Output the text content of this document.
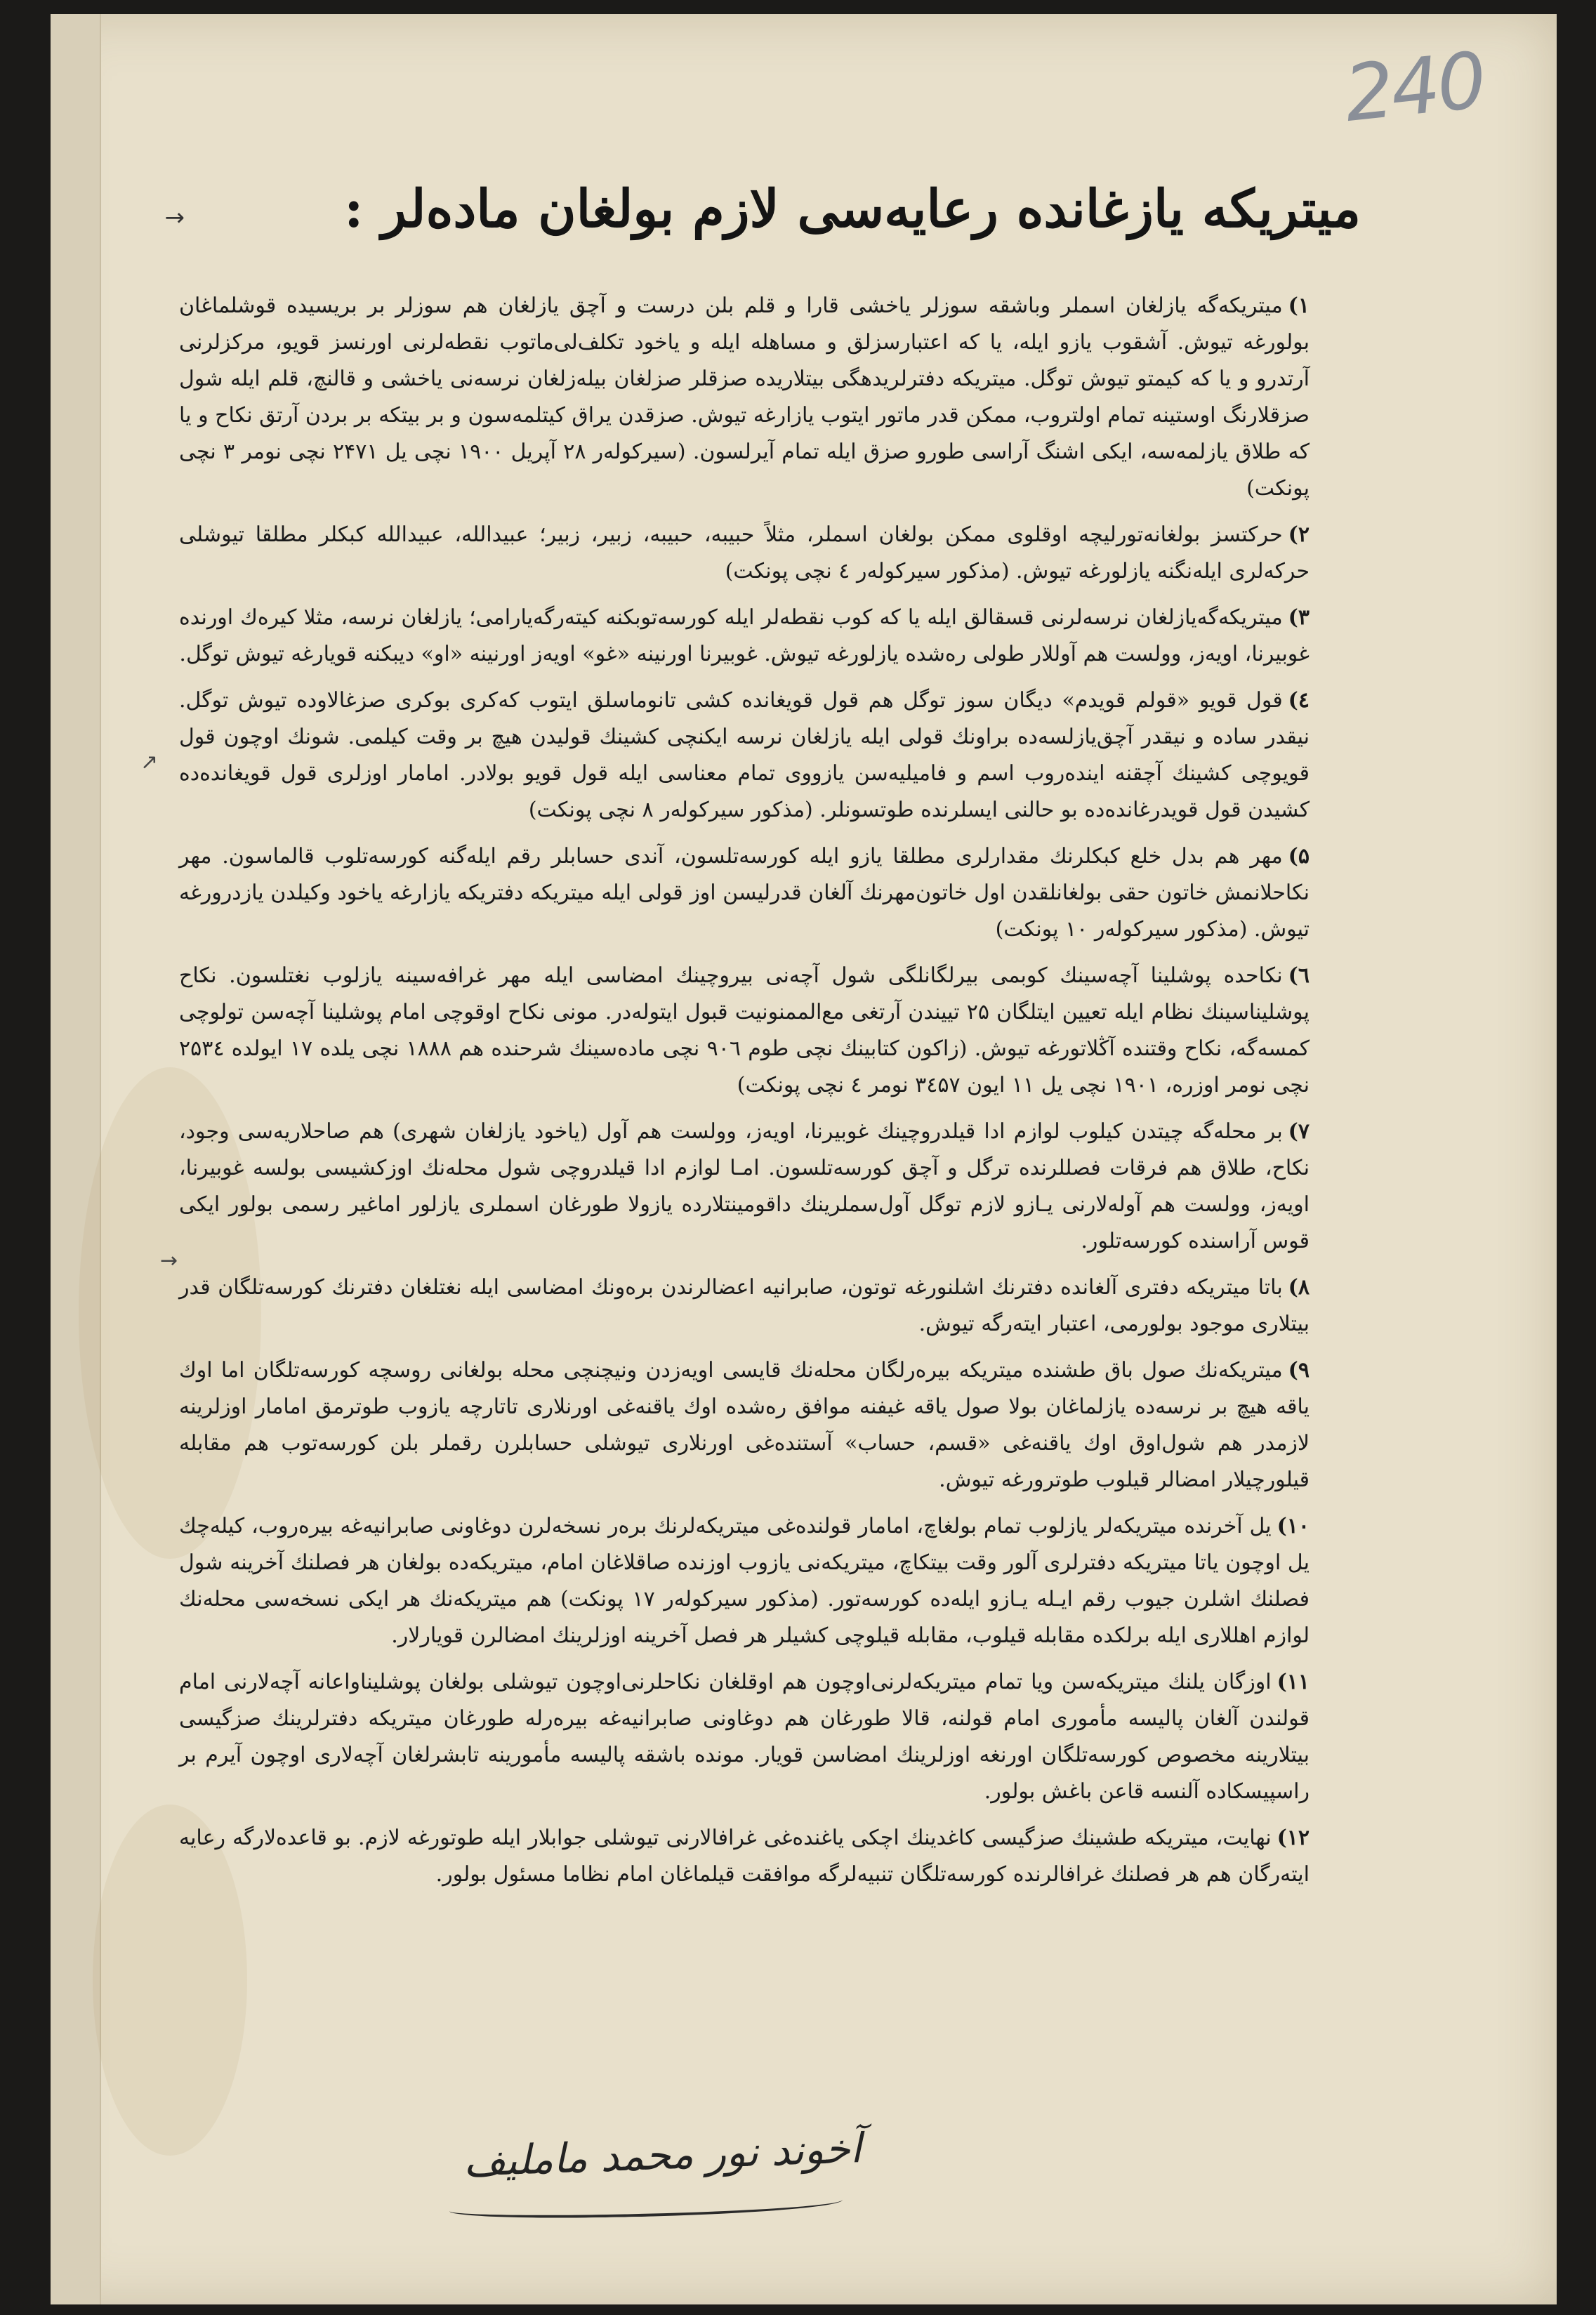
240
→	میتریکه یازغانده رعایه‌سی لازم بولغان ماده‌لر :
↗
→

۱)میتریکه‌گه یازلغان اسملر وباشقه سوزلر یاخشی قارا و قلم بلن درست و آچق یازلغان هم سوزلر بر بریسیده قوشلماغان بولورغه تیوش. آشقوب یازو ایله، یا که اعتبارسزلق و مساهله ایله و یاخود تکلف‌لی‌ماتوب نقطه‌لرنی اورنسز قویو، مرکزلرنی آرتدرو و یا که کیمتو تیوش توگل. میتریکه دفترلریدهگی بیتلاریده صزقلر صزلغان بیلەزلغان نرسه‌نی یاخشی و قالنچ، قلم ایله شول صزقلارنگ اوستینه تمام اولتروب، ممکن قدر ماتور ایتوب یازارغه تیوش. صزقدن یراق کیتلمەسون و بر بیتکه بر بردن آرتق نکاح و یا که طلاق یازلمەسه، ایکی اشنگ آراسی طورو صزق ایله تمام آیرلسون. (سیرکولەر ۲۸ آپریل ۱۹۰۰ نچی یل ۲۴۷۱ نچی نومر ۳ نچی پونکت)

۲)حرکتسز بولغانه‌تورلیچه اوقلوی ممکن بولغان اسملر، مثلاً حبیبه، حبیبه، زبیر، زبیر؛ عبیدالله، عبیدالله کبکلر مطلقا تیوشلی حرکه‌لری ایله‌نگنه یازلورغه تیوش. (مذکور سیرکولەر ٤ نچی پونکت)

۳)میتریکه‌گه‌یازلغان نرسه‌لرنی قسقالق ایله یا که کوب نقطه‌لر ایله کورسه‌توبکنه کیته‌رگه‌یارامی؛ یازلغان نرسه، مثلا کیره‌ك اورنده غوبیرنا، اویەز، وولست هم آوللار طولی ره‌شده یازلورغه تیوش. غوبیرنا اورنینه «غو» اویەز اورنینه «او» دیبکنه قویارغه تیوش توگل.

٤)قول قویو «قولم قویدم» دیگان سوز توگل هم قول قویغانده کشی تانوماسلق ایتوب که‌کری بوکری صزغالاوده تیوش توگل. نیقدر ساده و نیقدر آچق‌یازلسه‌ده براونك قولی ایله یازلغان نرسه ایکنچی کشینك قولیدن هیچ بر وقت کیلمی. شونك اوچون قول قویوچی کشینك آچقنه اینده‌روب اسم و فامیلیه‌سن یازووی تمام معناسی ایله قول قویو بولادر. امامار اوزلری قول قویغانده‌ده کشیدن قول قویدرغانده‌ده بو حالنی ایسلرنده طوتسونلر. (مذکور سیرکولەر ۸ نچی پونکت)

۵)مهر هم بدل خلع کبکلرنك مقدارلری مطلقا یازو ایله کورسه‌تلسون، آندی حسابلر رقم ایله‌گنه کورسه‌تلوب قالماسون. مهر نکاحلانمش خاتون حقی بولغانلقدن اول خاتون‌مهرنك آلغان قدرلیسن اوز قولی ایله میتریکه دفتریکه یازارغه یاخود وکیلدن یازدرورغه تیوش. (مذکور سیرکولەر ۱۰ پونکت)

٦)نکاحده پوشلینا آچه‌سینك کوبمی بیرلگانلگی شول آچه‌نی بیروچینك امضاسی ایله مهر غرافه‌سینه یازلوب نغتلسون. نکاح پوشلیناسینك نظام ایله تعیین ایتلگان ۲۵ تییندن آرتغی مع‌الممنونیت قبول ایتوله‌در. مونی نکاح اوقوچی امام پوشلینا آچه‌سن تولوچی کمسه‌گه، نکاح وقتنده آڭلاتورغه تیوش. (زاکون کتابینك نچی طوم ۹۰٦ نچی ماده‌سینك شرحنده هم ۱۸۸۸ نچی یلده ۱۷ ایولده ۲۵۳٤ نچی نومر اوزره، ۱۹۰۱ نچی یل ۱۱ ایون ۳٤۵۷ نومر ٤ نچی پونکت)

۷)بر محله‌گه چیتدن کیلوب لوازم ادا قیلدروچینك غوبیرنا، اویەز، وولست هم آول (یاخود یازلغان شهری) هم صاحلاریه‌سی وجود، نکاح، طلاق هم فرقات فصللرنده ترگل و آچق کورسه‌تلسون. امـا لوازم ادا قیلدروچی شول محله‌نك اوزکشیسی بولسه غوبیرنا، اویەز، وولست هم آولەلارنی یـازو لازم توگل آول‌سملرینك داقومینتلارده یازولا طورغان اسملری یازلور اماغیر رسمی بولور ایکی قوس آراسنده کورسه‌تلور.

۸)باتا میتریکه دفتری آلغانده دفترنك اشلنورغه توتون، صابرانیه اعضالرندن بره‌ونك امضاسی ایله نغتلغان دفترنك کورسه‌تلگان قدر بیتلاری موجود بولورمی، اعتبار ایتەرگه تیوش.

۹)میتریکه‌نك صول باق طشنده میتریکه بیره‌رلگان محله‌نك قایسی اویەزدن ونیچنچی محله بولغانی روسچه کورسه‌تلگان اما اوك یاقه هیچ بر نرسه‌ده یازلماغان بولا صول یاقه غیفنه موافق ره‌شده اوك یاقنه‌غی اورنلاری تاتارچه یازوب طوترمق امامار اوزلرینه لازمدر هم شول‌اوق اوك یاقنه‌غی «قسم، حساب» آستنده‌غی اورنلاری تیوشلی حسابلرن رقملر بلن کورسه‌توب هم مقابله قیلورچیلار امضالر قیلوب طوترورغه تیوش.

۱۰)یل آخرنده میتریکه‌لر یازلوب تمام بولغاچ، امامار قولنده‌غی میتریکه‌لرنك بره‌ر نسخه‌لرن دوغاونی صابرانیه‌غه بیره‌روب، کیله‌چك یل اوچون یاتا میتریکه دفترلری آلور وقت بیتکاچ، میتریکه‌نی یازوب اوزنده صاقلاغان امام، میتریکه‌ده بولغان هر فصلنك آخرینه شول فصلنك اشلرن جیوب رقم ایـله یـازو ایله‌ده کورسه‌تور. (مذکور سیرکولەر ۱۷ پونکت) هم میتریکه‌نك هر ایکی نسخه‌سی محله‌نك لوازم اهللاری ایله برلکده مقابله قیلوب، مقابله قیلوچی کشیلر هر فصل آخرینه اوزلرینك امضالرن قویارلار.

۱۱)اوزگان یلنك میتریکه‌سن ویا تمام میتریکه‌لرنی‌اوچون هم اوقلغان نکاحلرنی‌اوچون تیوشلی بولغان پوشلینا‌واعانه آچه‌لارنی امام قولندن آلغان پالیسه مأموری امام قولنه، قالا طورغان هم دوغاونی صابرانیه‌غه بیره‌رله طورغان میتریکه دفترلرینك صزگیسی بیتلارینه مخصوص کورسه‌تلگان اورنغه اوزلرینك امضاسن قویار. مونده باشقه پالیسه مأمورینه تابشرلغان آچه‌لاری اوچون آیرم بر راسپیسکاده آلنسه قاعن باغش بولور.

۱۲)نهایت، میتریکه طشینك صزگیسی کاغدینك اچکی یاغنده‌غی غرافالارنی تیوشلی جوابلار ایله طوتورغه لازم. بو قاعده‌لارگه رعایه ایته‌رگان هم هر فصلنك غرافالرنده کورسه‌تلگان تنبیه‌لرگه موافقت قیلماغان امام نظاما مسئول بولور.

آخوند نور محمد ماملیف
